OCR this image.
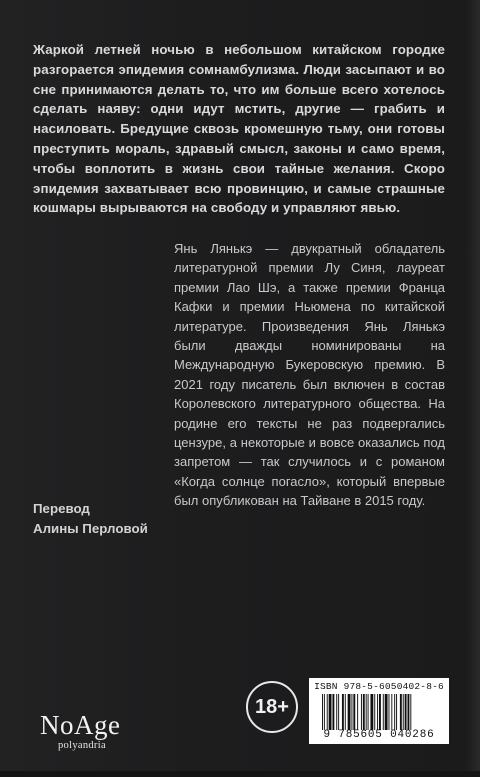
Жаркой летней ночью в небольшом китайском городке разгорается эпидемия сомнамбулизма. Люди засыпают и во сне принимаются делать то, что им больше всего хотелось сделать наяву: одни идут мстить, другие — грабить и насиловать. Бредущие сквозь кромешную тьму, они готовы преступить мораль, здравый смысл, законы и само время, чтобы воплотить в жизнь свои тайные желания. Скоро эпидемия захватывает всю провинцию, и самые страшные кошмары вырываются на свободу и управляют явью.

Янь Лянькэ — двукратный обладатель литературной премии Лу Синя, лауреат премии Лао Шэ, а также премии Франца Кафки и премии Ньюмена по китайской литературе. Произведения Янь Лянькэ были дважды номинированы на Международную Букеровскую премию. В 2021 году писатель был включен в состав Королевского литературного общества. На родине его тексты не раз подвергались цензуре, а некоторые и вовсе оказались под запретом — так случилось и с романом «Когда солнце погасло», который впервые был опубликован на Тайване в 2015 году.

Перевод
Алины Перловой
NoAge
polyandria
18+
ISBN 978-5-6050402-8-6
9 785605 040286
